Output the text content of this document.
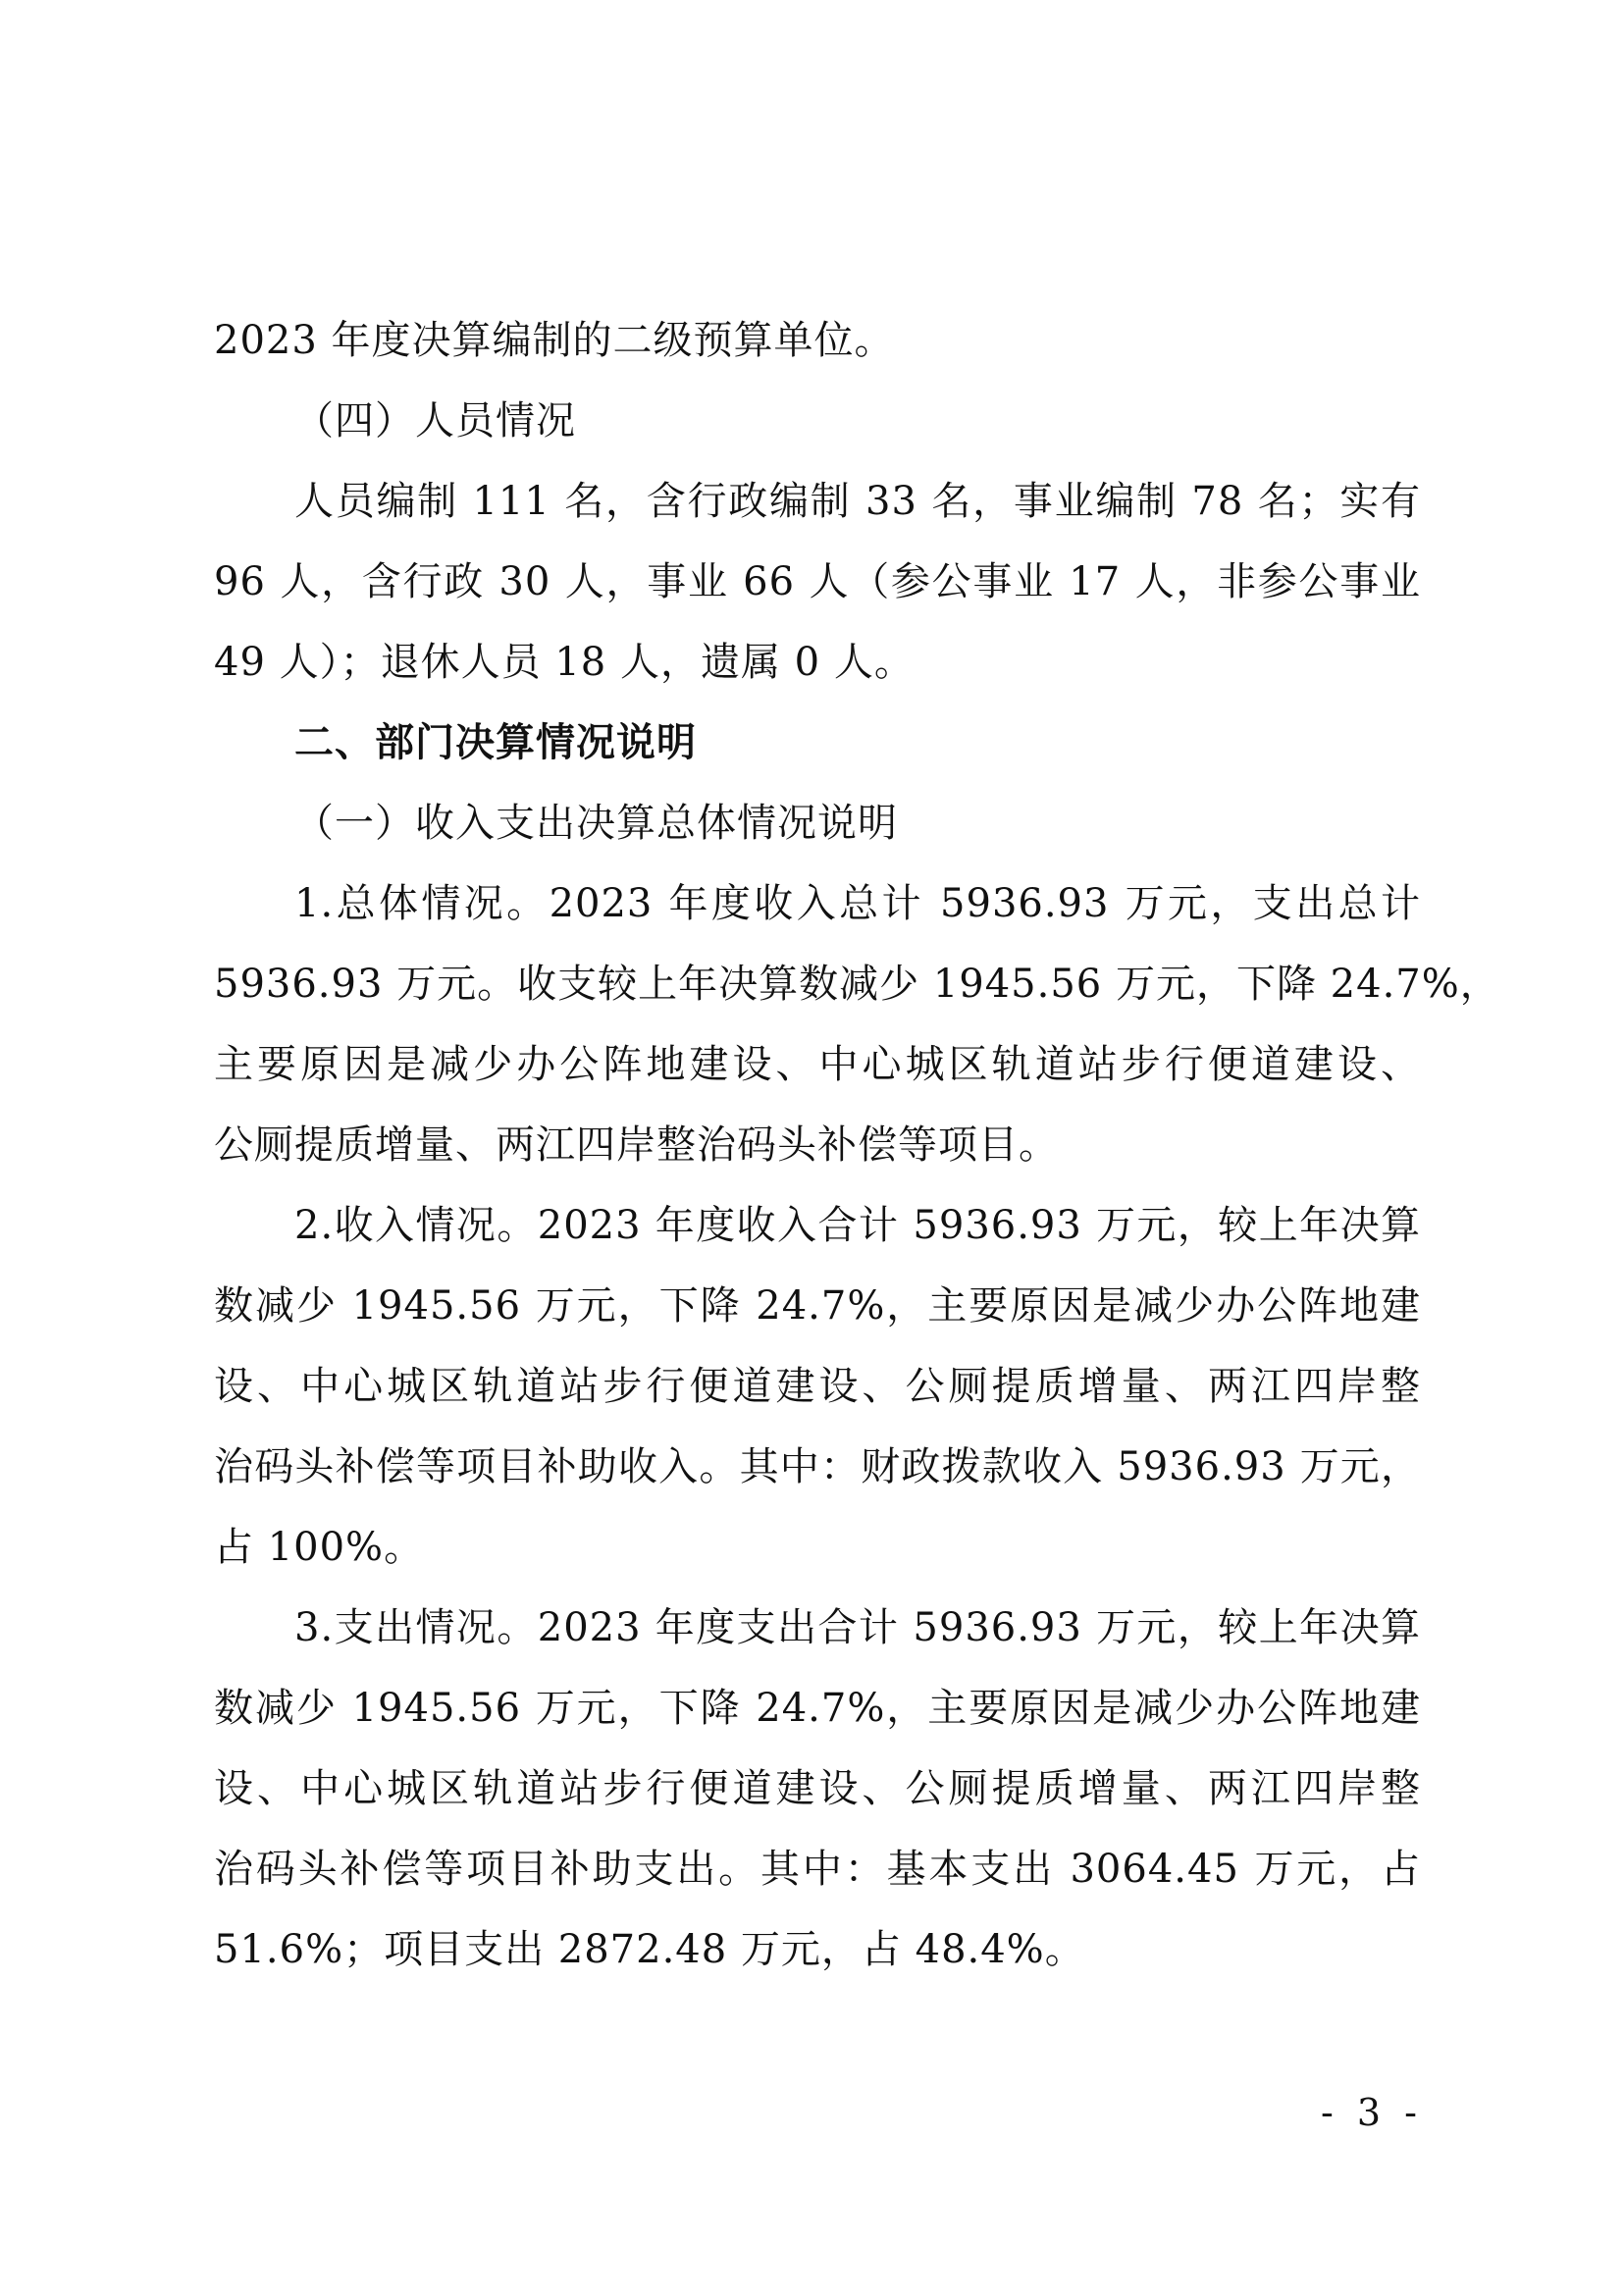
2023 年度决算编制的二级预算单位。
（四）人员情况
人员编制 111 名，含行政编制 33 名，事业编制 78 名；实有
96 人，含行政 30 人，事业 66 人（参公事业 17 人，非参公事业
49 人）；退休人员 18 人，遗属 0 人。
二、部门决算情况说明
（一）收入支出决算总体情况说明
1.总体情况。2023 年度收入总计 5936.93 万元，支出总计
5936.93 万元。收支较上年决算数减少 1945.56 万元，下降 24.7%，
主要原因是减少办公阵地建设、中心城区轨道站步行便道建设、
公厕提质增量、两江四岸整治码头补偿等项目。
2.收入情况。2023 年度收入合计 5936.93 万元，较上年决算
数减少 1945.56 万元，下降 24.7%，主要原因是减少办公阵地建
设、中心城区轨道站步行便道建设、公厕提质增量、两江四岸整
治码头补偿等项目补助收入。其中：财政拨款收入 5936.93 万元，
占 100%。
3.支出情况。2023 年度支出合计 5936.93 万元，较上年决算
数减少 1945.56 万元，下降 24.7%，主要原因是减少办公阵地建
设、中心城区轨道站步行便道建设、公厕提质增量、两江四岸整
治码头补偿等项目补助支出。其中：基本支出 3064.45 万元，占
51.6%；项目支出 2872.48 万元，占 48.4%。
- 3 -
